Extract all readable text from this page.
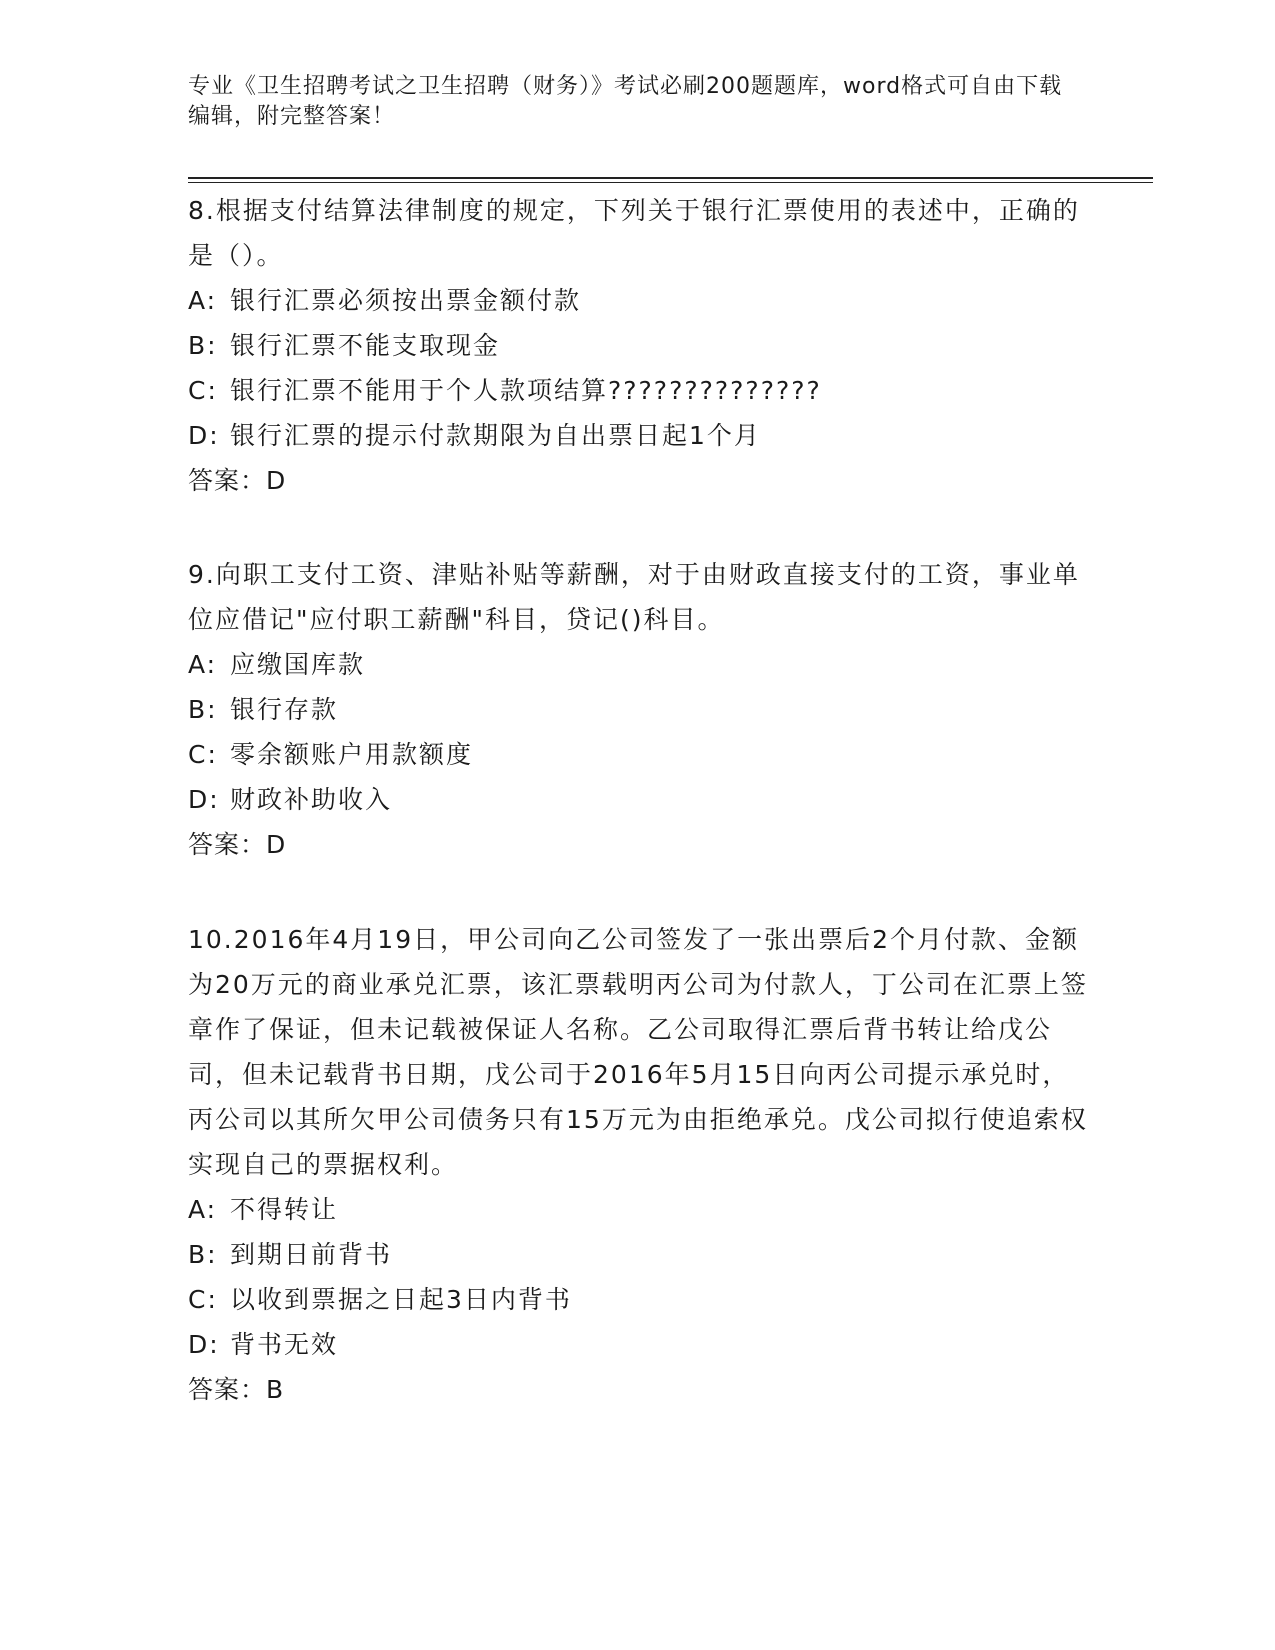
专业《卫生招聘考试之卫生招聘（财务）》考试必刷200题题库，word格式可自由下载编辑，附完整答案！

8.根据支付结算法律制度的规定，下列关于银行汇票使用的表述中，正确的是（）。

A: 银行汇票必须按出票金额付款

B: 银行汇票不能支取现金

C: 银行汇票不能用于个人款项结算??????????????

D: 银行汇票的提示付款期限为自出票日起1个月

答案：D

9.向职工支付工资、津贴补贴等薪酬，对于由财政直接支付的工资，事业单位应借记"应付职工薪酬"科目，贷记()科目。

A: 应缴国库款

B: 银行存款

C: 零余额账户用款额度

D: 财政补助收入

答案：D

10.2016年4月19日，甲公司向乙公司签发了一张出票后2个月付款、金额为20万元的商业承兑汇票，该汇票载明丙公司为付款人，丁公司在汇票上签章作了保证，但未记载被保证人名称。乙公司取得汇票后背书转让给戊公司，但未记载背书日期，戊公司于2016年5月15日向丙公司提示承兑时，丙公司以其所欠甲公司债务只有15万元为由拒绝承兑。戊公司拟行使追索权实现自己的票据权利。

A: 不得转让

B: 到期日前背书

C: 以收到票据之日起3日内背书

D: 背书无效

答案：B
